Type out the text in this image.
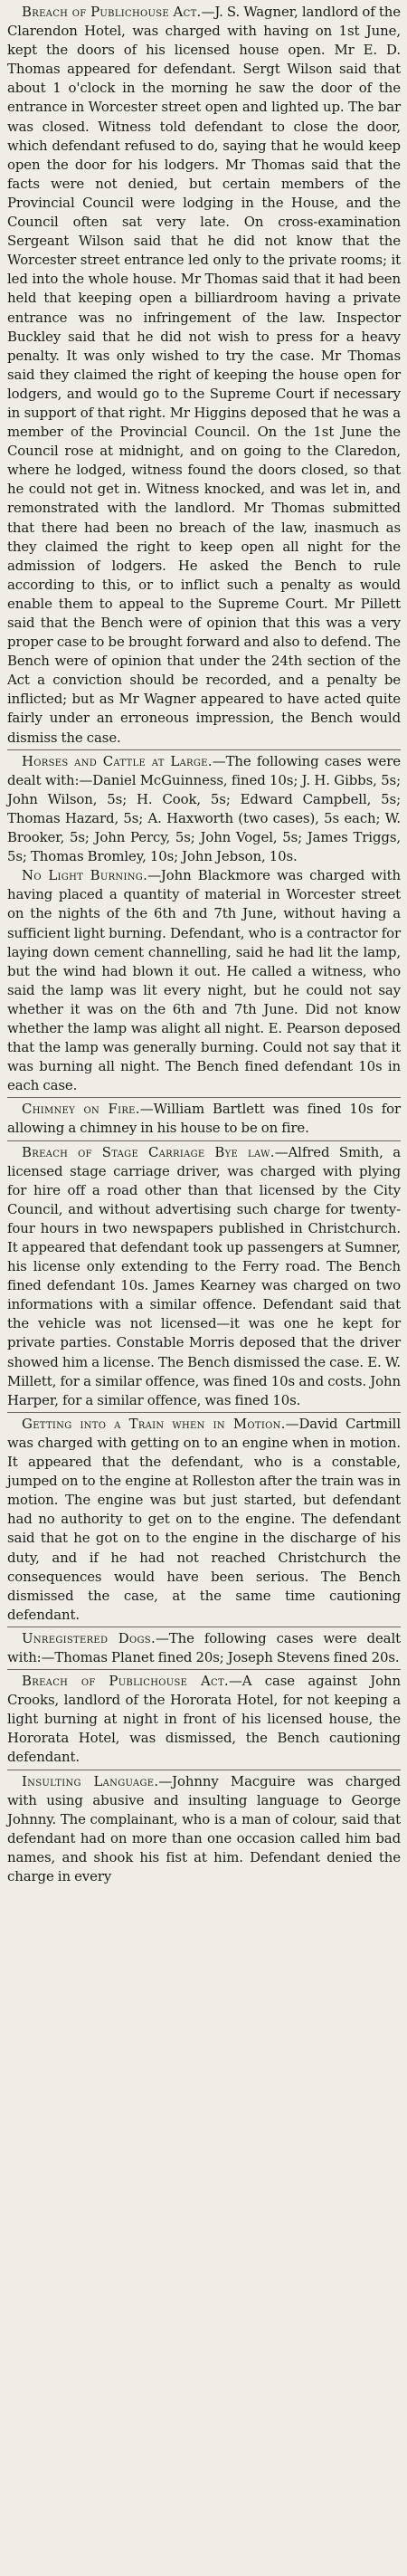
Breach of Publichouse Act.—J. S. Wagner, landlord of the Clarendon Hotel, was charged with having on 1st June, kept the doors of his licensed house open. Mr E. D. Thomas appeared for defendant. Sergt Wilson said that about 1 o'clock in the morning he saw the door of the entrance in Worcester street open and lighted up. The bar was closed. Witness told defendant to close the door, which defendant refused to do, saying that he would keep open the door for his lodgers. Mr Thomas said that the facts were not denied, but certain members of the Provincial Council were lodging in the House, and the Council often sat very late. On cross-examination Sergeant Wilson said that he did not know that the Worcester street entrance led only to the private rooms; it led into the whole house. Mr Thomas said that it had been held that keeping open a billiardroom having a private entrance was no infringement of the law. Inspector Buckley said that he did not wish to press for a heavy penalty. It was only wished to try the case. Mr Thomas said they claimed the right of keeping the house open for lodgers, and would go to the Supreme Court if necessary in support of that right. Mr Higgins deposed that he was a member of the Provincial Council. On the 1st June the Council rose at midnight, and on going to the Claredon, where he lodged, witness found the doors closed, so that he could not get in. Witness knocked, and was let in, and remonstrated with the landlord. Mr Thomas submitted that there had been no breach of the law, inasmuch as they claimed the right to keep open all night for the admission of lodgers. He asked the Bench to rule according to this, or to inflict such a penalty as would enable them to appeal to the Supreme Court. Mr Pillett said that the Bench were of opinion that this was a very proper case to be brought forward and also to defend. The Bench were of opinion that under the 24th section of the Act a conviction should be recorded, and a penalty be inflicted; but as Mr Wagner appeared to have acted quite fairly under an erroneous impression, the Bench would dismiss the case.

Horses and Cattle at Large.—The following cases were dealt with:—Daniel McGuinness, fined 10s; J. H. Gibbs, 5s; John Wilson, 5s; H. Cook, 5s; Edward Campbell, 5s; Thomas Hazard, 5s; A. Haxworth (two cases), 5s each; W. Brooker, 5s; John Percy, 5s; John Vogel, 5s; James Triggs, 5s; Thomas Bromley, 10s; John Jebson, 10s.

No Light Burning.—John Blackmore was charged with having placed a quantity of material in Worcester street on the nights of the 6th and 7th June, without having a sufficient light burning. Defendant, who is a contractor for laying down cement channelling, said he had lit the lamp, but the wind had blown it out. He called a witness, who said the lamp was lit every night, but he could not say whether it was on the 6th and 7th June. Did not know whether the lamp was alight all night. E. Pearson deposed that the lamp was generally burning. Could not say that it was burning all night. The Bench fined defendant 10s in each case.

Chimney on Fire.—William Bartlett was fined 10s for allowing a chimney in his house to be on fire.

Breach of Stage Carriage Bye law.—Alfred Smith, a licensed stage carriage driver, was charged with plying for hire off a road other than that licensed by the City Council, and without advertising such charge for twenty-four hours in two newspapers published in Christchurch. It appeared that defendant took up passengers at Sumner, his license only extending to the Ferry road. The Bench fined defendant 10s. James Kearney was charged on two informations with a similar offence. Defendant said that the vehicle was not licensed—it was one he kept for private parties. Constable Morris deposed that the driver showed him a license. The Bench dismissed the case. E. W. Millett, for a similar offence, was fined 10s and costs. John Harper, for a similar offence, was fined 10s.

Getting into a Train when in Motion.—David Cartmill was charged with getting on to an engine when in motion. It appeared that the defendant, who is a constable, jumped on to the engine at Rolleston after the train was in motion. The engine was but just started, but defendant had no authority to get on to the engine. The defendant said that he got on to the engine in the discharge of his duty, and if he had not reached Christchurch the consequences would have been serious. The Bench dismissed the case, at the same time cautioning defendant.

Unregistered Dogs.—The following cases were dealt with:—Thomas Planet fined 20s; Joseph Stevens fined 20s.

Breach of Publichouse Act.—A case against John Crooks, landlord of the Hororata Hotel, for not keeping a light burning at night in front of his licensed house, the Hororata Hotel, was dismissed, the Bench cautioning defendant.

Insulting Language.—Johnny Macguire was charged with using abusive and insulting language to George Johnny. The complainant, who is a man of colour, said that defendant had on more than one occasion called him bad names, and shook his fist at him. Defendant denied the charge in every
